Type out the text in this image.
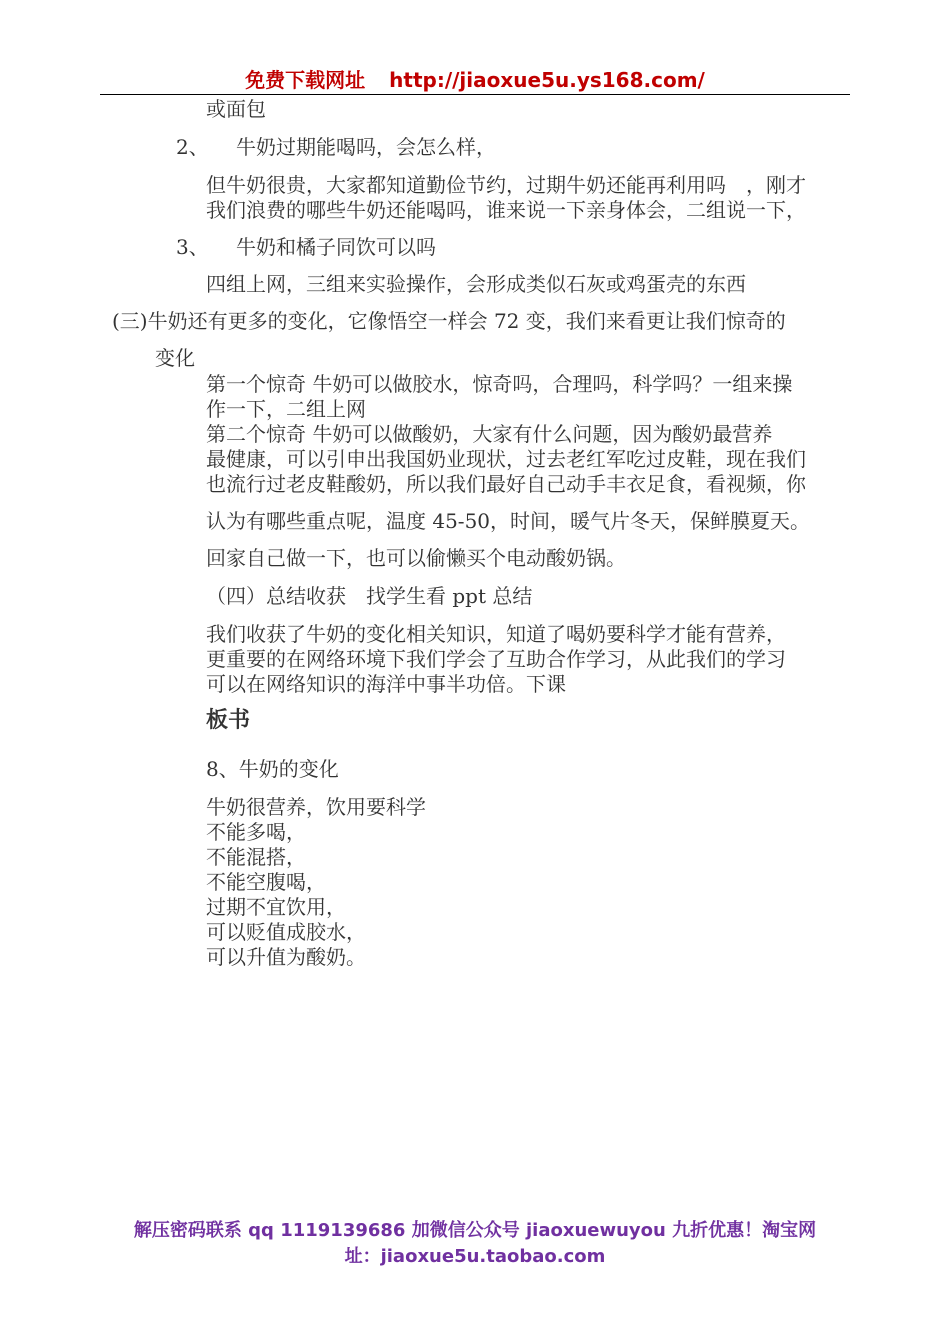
免费下载网址 http://jiaoxue5u.ys168.com/
或面包
2、 牛奶过期能喝吗，会怎么样，
但牛奶很贵，大家都知道勤俭节约，过期牛奶还能再利用吗　，刚才
我们浪费的哪些牛奶还能喝吗，谁来说一下亲身体会，二组说一下，
3、 牛奶和橘子同饮可以吗
四组上网，三组来实验操作，会形成类似石灰或鸡蛋壳的东西
(三)牛奶还有更多的变化，它像悟空一样会 72 变，我们来看更让我们惊奇的
变化
第一个惊奇 牛奶可以做胶水，惊奇吗，合理吗，科学吗？一组来操
作一下，二组上网
第二个惊奇 牛奶可以做酸奶，大家有什么问题，因为酸奶最营养
最健康，可以引申出我国奶业现状，过去老红军吃过皮鞋，现在我们
也流行过老皮鞋酸奶，所以我们最好自己动手丰衣足食，看视频，你
认为有哪些重点呢，温度 45-50，时间，暖气片冬天，保鲜膜夏天。
回家自己做一下，也可以偷懒买个电动酸奶锅。
（四）总结收获　找学生看 ppt 总结
我们收获了牛奶的变化相关知识，知道了喝奶要科学才能有营养，
更重要的在网络环境下我们学会了互助合作学习，从此我们的学习
可以在网络知识的海洋中事半功倍。下课
板书
8、牛奶的变化
牛奶很营养，饮用要科学
不能多喝，
不能混搭，
不能空腹喝，
过期不宜饮用，
可以贬值成胶水，
可以升值为酸奶。
解压密码联系 qq 1119139686 加微信公众号 jiaoxuewuyou 九折优惠！淘宝网
址：jiaoxue5u.taobao.com
